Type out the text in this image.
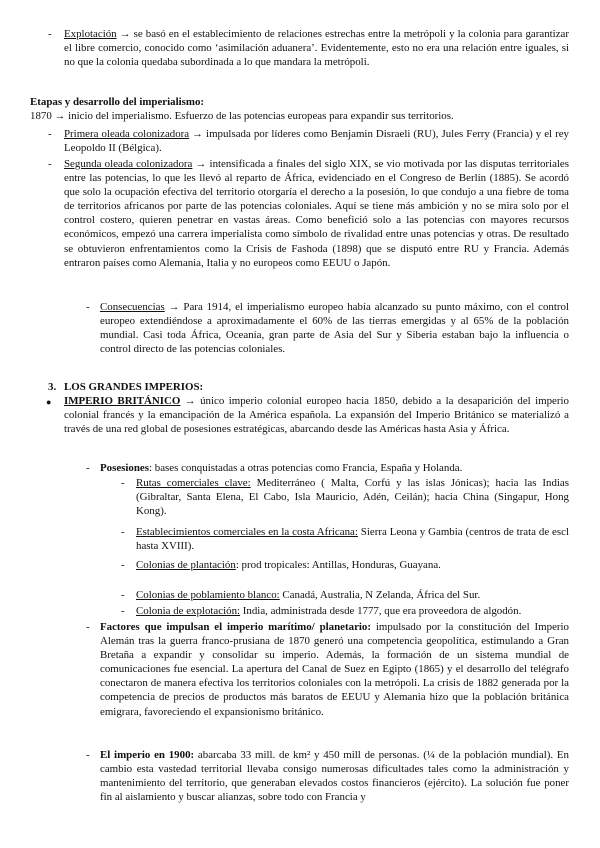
- Explotación → se basó en el establecimiento de relaciones estrechas entre la metrópoli y la colonia para garantizar el libre comercio, conocido como ‘asimilación aduanera’. Evidentemente, esto no era una relación entre iguales, si no que la colonia quedaba subordinada a lo que mandara la metrópoli.
Etapas y desarrollo del imperialismo:
1870 → inicio del imperialismo. Esfuerzo de las potencias europeas para expandir sus territorios.
- Primera oleada colonizadora → impulsada por líderes como Benjamin Disraeli (RU), Jules Ferry (Francia) y el rey Leopoldo II (Bélgica).
- Segunda oleada colonizadora → intensificada a finales del siglo XIX, se vio motivada por las disputas territoriales entre las potencias, lo que les llevó al reparto de África, evidenciado en el Congreso de Berlín (1885). Se acordó que solo la ocupación efectiva del territorio otorgaría el derecho a la posesión, lo que condujo a una fiebre de toma de territorios africanos por parte de las potencias coloniales. Aquí se tiene más ambición y no se mira solo por el control costero, quieren penetrar en vastas áreas. Como benefició solo a las potencias con mayores recursos económicos, empezó una carrera imperialista como símbolo de rivalidad entre unas potencias y otras. De resultado se obtuvieron enfrentamientos como la Crisis de Fashoda (1898) que se disputó entre RU y Francia. Además entraron países como Alemania, Italia y no europeos como EEUU o Japón.
- Consecuencias → Para 1914, el imperialismo europeo había alcanzado su punto máximo, con el control europeo extendiéndose a aproximadamente el 60% de las tierras emergidas y al 65% de la población mundial. Casi toda África, Oceanía, gran parte de Asia del Sur y Siberia estaban bajo la influencia o control directo de las potencias coloniales.
3. LOS GRANDES IMPERIOS:
● IMPERIO BRITÁNICO → único imperio colonial europeo hacia 1850, debido a la desaparición del imperio colonial francés y la emancipación de la América española. La expansión del Imperio Británico se materializó a través de una red global de posesiones estratégicas, abarcando desde las Américas hasta Asia y África.
- Posesiones: bases conquistadas a otras potencias como Francia, España y Holanda.
- Rutas comerciales clave: Mediterráneo ( Malta, Corfú y las islas Jónicas); hacia las Indias (Gibraltar, Santa Elena, El Cabo, Isla Mauricio, Adén, Ceilán); hacia China (Singapur, Hong Kong).
- Establecimientos comerciales en la costa Africana: Sierra Leona y Gambia (centros de trata de escl hasta XVIII).
- Colonias de plantación: prod tropicales: Antillas, Honduras, Guayana.
- Colonias de poblamiento blanco: Canadá, Australia, N Zelanda, África del Sur.
- Colonia de explotación: India, administrada desde 1777, que era proveedora de algodón.
- Factores que impulsan el imperio marítimo/ planetario: impulsado por la constitución del Imperio Alemán tras la guerra franco-prusiana de 1870 generó una competencia geopolítica, estimulando a Gran Bretaña a expandir y consolidar su imperio. Además, la formación de un sistema mundial de comunicaciones fue esencial. La apertura del Canal de Suez en Egipto (1865) y el desarrollo del telégrafo conectaron de manera efectiva los territorios coloniales con la metrópoli. La crisis de 1882 generada por la competencia de precios de productos más baratos de EEUU y Alemania hizo que la población británica emigrara, favoreciendo el expansionismo británico.
- El imperio en 1900: abarcaba 33 mill. de km² y 450 mill de personas. (¼ de la población mundial). En cambio esta vastedad territorial llevaba consigo numerosas dificultades tales como la administración y mantenimiento del territorio, que generaban elevados costos financieros (ejército). La solución fue poner fin al aislamiento y buscar alianzas, sobre todo con Francia y
